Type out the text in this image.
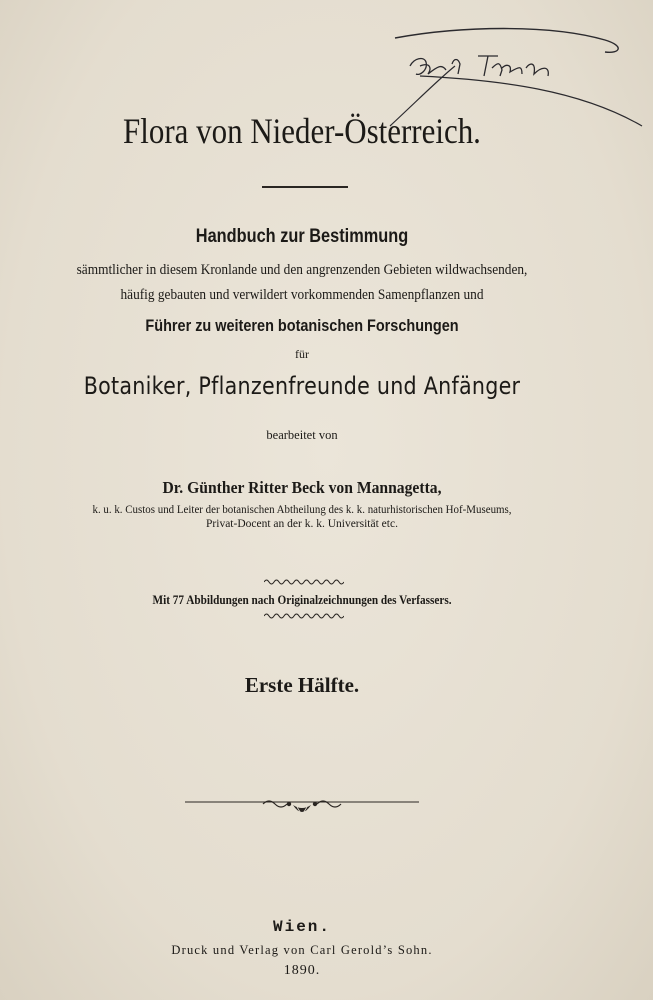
Flora von Nieder-Österreich.
Handbuch zur Bestimmung
sämmtlicher in diesem Kronlande und den angrenzenden Gebieten wildwachsenden,
häufig gebauten und verwildert vorkommenden Samenpflanzen und
Führer zu weiteren botanischen Forschungen
für
Botaniker, Pflanzenfreunde und Anfänger
bearbeitet von
Dr. Günther Ritter Beck von Mannagetta,
k. u. k. Custos und Leiter der botanischen Abtheilung des k. k. naturhistorischen Hof-Museums,
Privat-Docent an der k. k. Universität etc.
Mit 77 Abbildungen nach Originalzeichnungen des Verfassers.
Erste Hälfte.
Wien.
Druck und Verlag von Carl Gerold’s Sohn.
1890.
